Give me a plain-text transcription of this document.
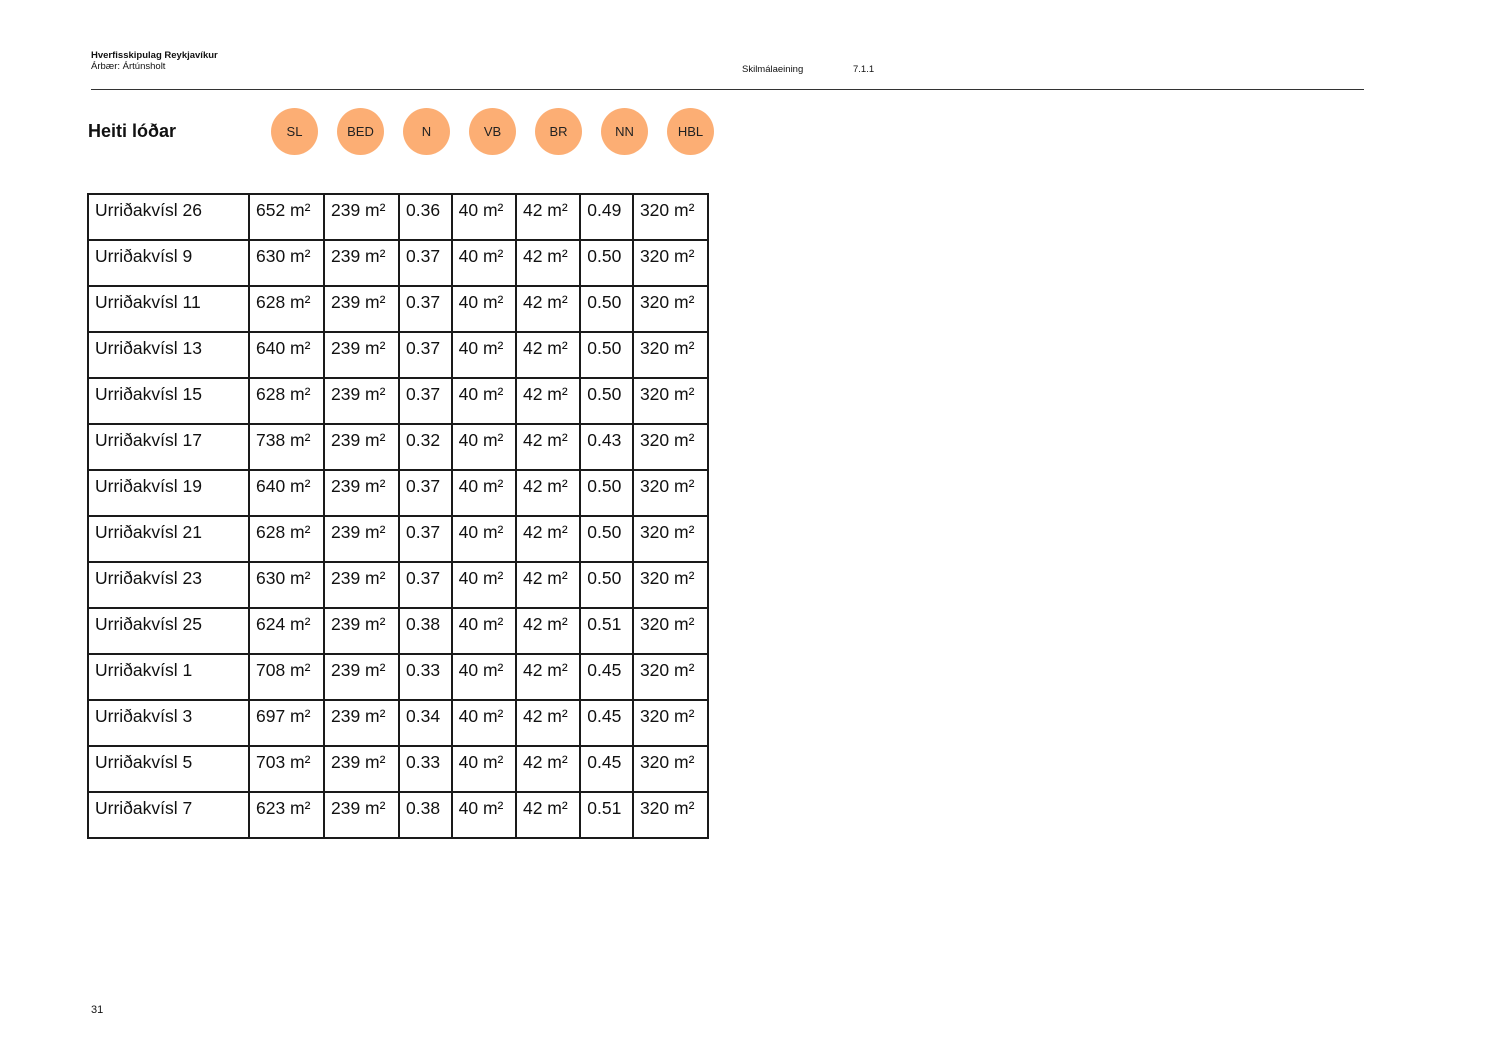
Hverfisskipulag Reykjavíkur
Árbær: Ártúnsholt	Skilmálaeining	7.1.1
Heiti lóðar	SL	BED	N	VB	BR	NN	HBL
Urriðakvísl 26	652 m²	239 m²	0.36	40 m²	42 m²	0.49	320 m²
Urriðakvísl 9	630 m²	239 m²	0.37	40 m²	42 m²	0.50	320 m²
Urriðakvísl 11	628 m²	239 m²	0.37	40 m²	42 m²	0.50	320 m²
Urriðakvísl 13	640 m²	239 m²	0.37	40 m²	42 m²	0.50	320 m²
Urriðakvísl 15	628 m²	239 m²	0.37	40 m²	42 m²	0.50	320 m²
Urriðakvísl 17	738 m²	239 m²	0.32	40 m²	42 m²	0.43	320 m²
Urriðakvísl 19	640 m²	239 m²	0.37	40 m²	42 m²	0.50	320 m²
Urriðakvísl 21	628 m²	239 m²	0.37	40 m²	42 m²	0.50	320 m²
Urriðakvísl 23	630 m²	239 m²	0.37	40 m²	42 m²	0.50	320 m²
Urriðakvísl 25	624 m²	239 m²	0.38	40 m²	42 m²	0.51	320 m²
Urriðakvísl 1	708 m²	239 m²	0.33	40 m²	42 m²	0.45	320 m²
Urriðakvísl 3	697 m²	239 m²	0.34	40 m²	42 m²	0.45	320 m²
Urriðakvísl 5	703 m²	239 m²	0.33	40 m²	42 m²	0.45	320 m²
Urriðakvísl 7	623 m²	239 m²	0.38	40 m²	42 m²	0.51	320 m²
31
